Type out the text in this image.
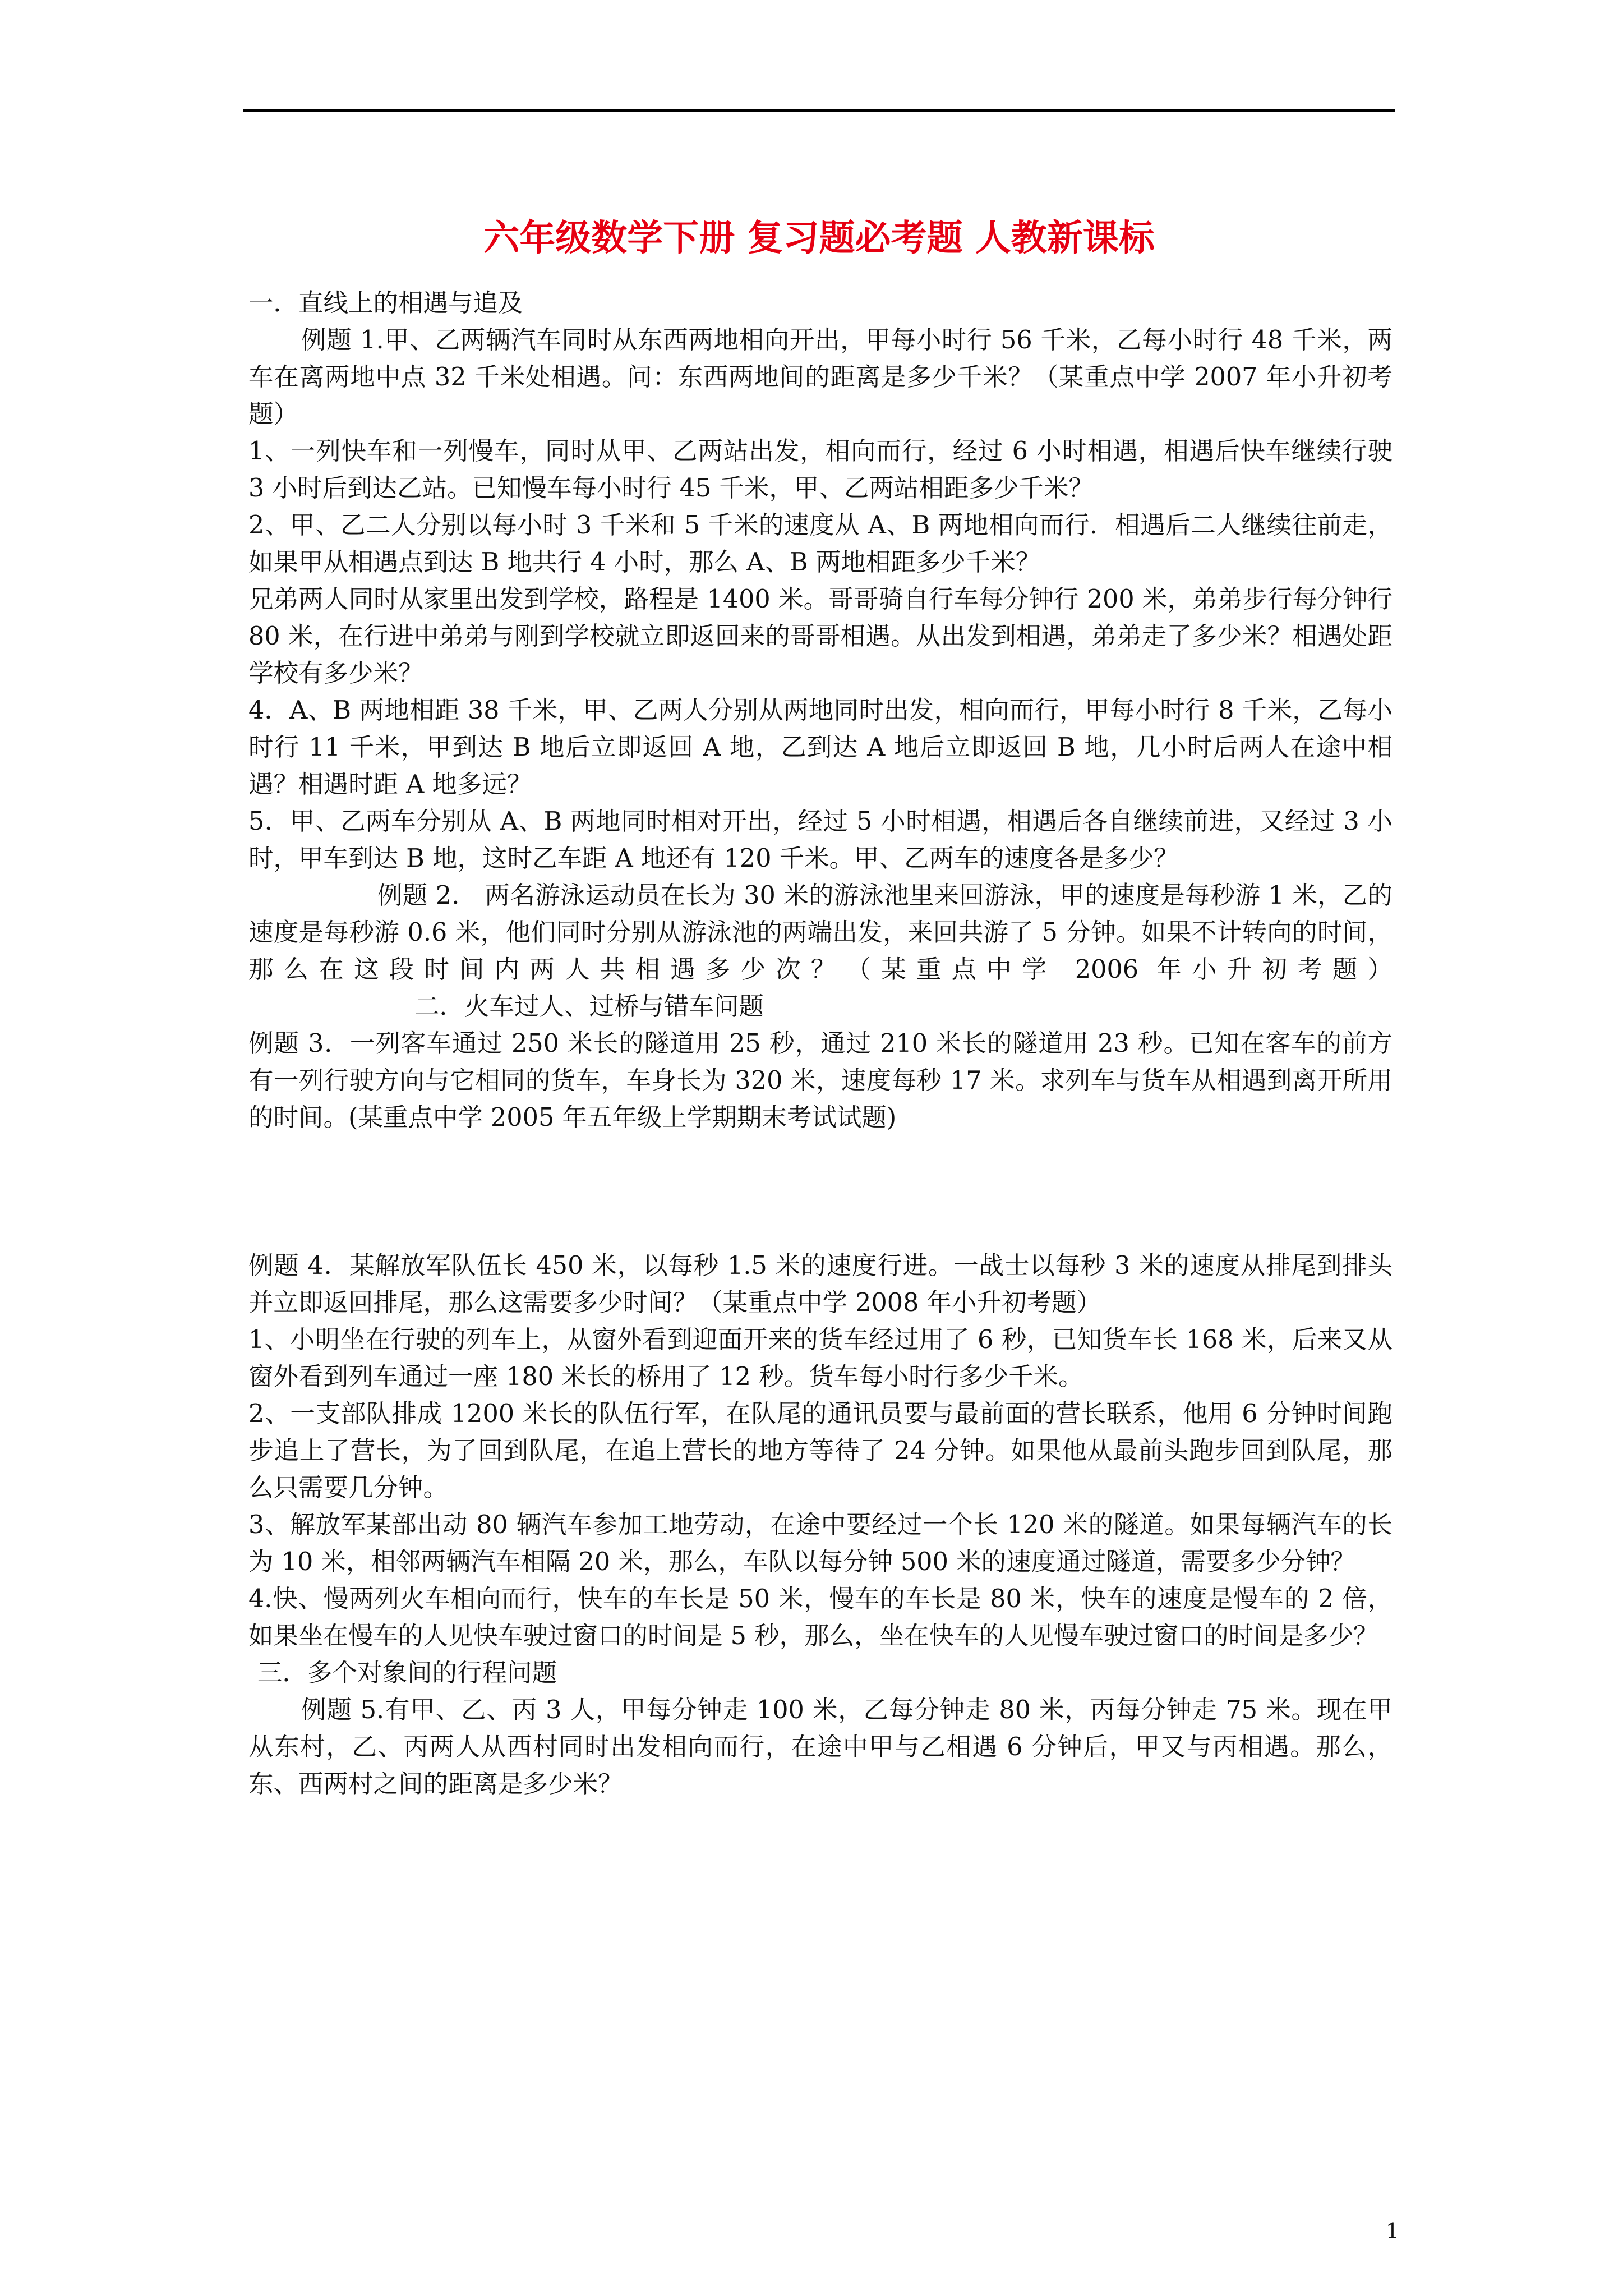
六年级数学下册 复习题必考题 人教新课标

一．直线上的相遇与追及

例题 1.甲、乙两辆汽车同时从东西两地相向开出，甲每小时行 56 千米，乙每小时行 48 千米，两车在离两地中点 32 千米处相遇。问：东西两地间的距离是多少千米？（某重点中学 2007 年小升初考题）

1、一列快车和一列慢车，同时从甲、乙两站出发，相向而行，经过 6 小时相遇，相遇后快车继续行驶 3 小时后到达乙站。已知慢车每小时行 45 千米，甲、乙两站相距多少千米？

2、甲、乙二人分别以每小时 3 千米和 5 千米的速度从 A、B 两地相向而行．相遇后二人继续往前走，如果甲从相遇点到达 B 地共行 4 小时，那么 A、B 两地相距多少千米？

兄弟两人同时从家里出发到学校，路程是 1400 米。哥哥骑自行车每分钟行 200 米，弟弟步行每分钟行 80 米，在行进中弟弟与刚到学校就立即返回来的哥哥相遇。从出发到相遇，弟弟走了多少米？相遇处距学校有多少米？

4．A、B 两地相距 38 千米，甲、乙两人分别从两地同时出发，相向而行，甲每小时行 8 千米，乙每小时行 11 千米，甲到达 B 地后立即返回 A 地，乙到达 A 地后立即返回 B 地，几小时后两人在途中相遇？相遇时距 A 地多远？

5．甲、乙两车分别从 A、B 两地同时相对开出，经过 5 小时相遇，相遇后各自继续前进，又经过 3 小时，甲车到达 B 地，这时乙车距 A 地还有 120 千米。甲、乙两车的速度各是多少？

例题 2． 两名游泳运动员在长为 30 米的游泳池里来回游泳，甲的速度是每秒游 1 米，乙的速度是每秒游 0.6 米，他们同时分别从游泳池的两端出发，来回共游了 5 分钟。如果不计转向的时间，那么在这段时间内两人共相遇多少次？（某重点中学 2006 年小升初考题）二．火车过人、过桥与错车问题

例题 3．一列客车通过 250 米长的隧道用 25 秒，通过 210 米长的隧道用 23 秒。已知在客车的前方有一列行驶方向与它相同的货车，车身长为 320 米，速度每秒 17 米。求列车与货车从相遇到离开所用的时间。(某重点中学 2005 年五年级上学期期末考试试题)

例题 4．某解放军队伍长 450 米，以每秒 1.5 米的速度行进。一战士以每秒 3 米的速度从排尾到排头并立即返回排尾，那么这需要多少时间？（某重点中学 2008 年小升初考题）

1、小明坐在行驶的列车上，从窗外看到迎面开来的货车经过用了 6 秒，已知货车长 168 米，后来又从窗外看到列车通过一座 180 米长的桥用了 12 秒。货车每小时行多少千米。

2、一支部队排成 1200 米长的队伍行军，在队尾的通讯员要与最前面的营长联系，他用 6 分钟时间跑步追上了营长，为了回到队尾，在追上营长的地方等待了 24 分钟。如果他从最前头跑步回到队尾，那么只需要几分钟。

3、解放军某部出动 80 辆汽车参加工地劳动，在途中要经过一个长 120 米的隧道。如果每辆汽车的长为 10 米，相邻两辆汽车相隔 20 米，那么，车队以每分钟 500 米的速度通过隧道，需要多少分钟？

4.快、慢两列火车相向而行，快车的车长是 50 米，慢车的车长是 80 米，快车的速度是慢车的 2 倍，如果坐在慢车的人见快车驶过窗口的时间是 5 秒，那么，坐在快车的人见慢车驶过窗口的时间是多少？

三．多个对象间的行程问题

例题 5.有甲、乙、丙 3 人，甲每分钟走 100 米，乙每分钟走 80 米，丙每分钟走 75 米。现在甲从东村，乙、丙两人从西村同时出发相向而行，在途中甲与乙相遇 6 分钟后，甲又与丙相遇。那么，东、西两村之间的距离是多少米？

1
